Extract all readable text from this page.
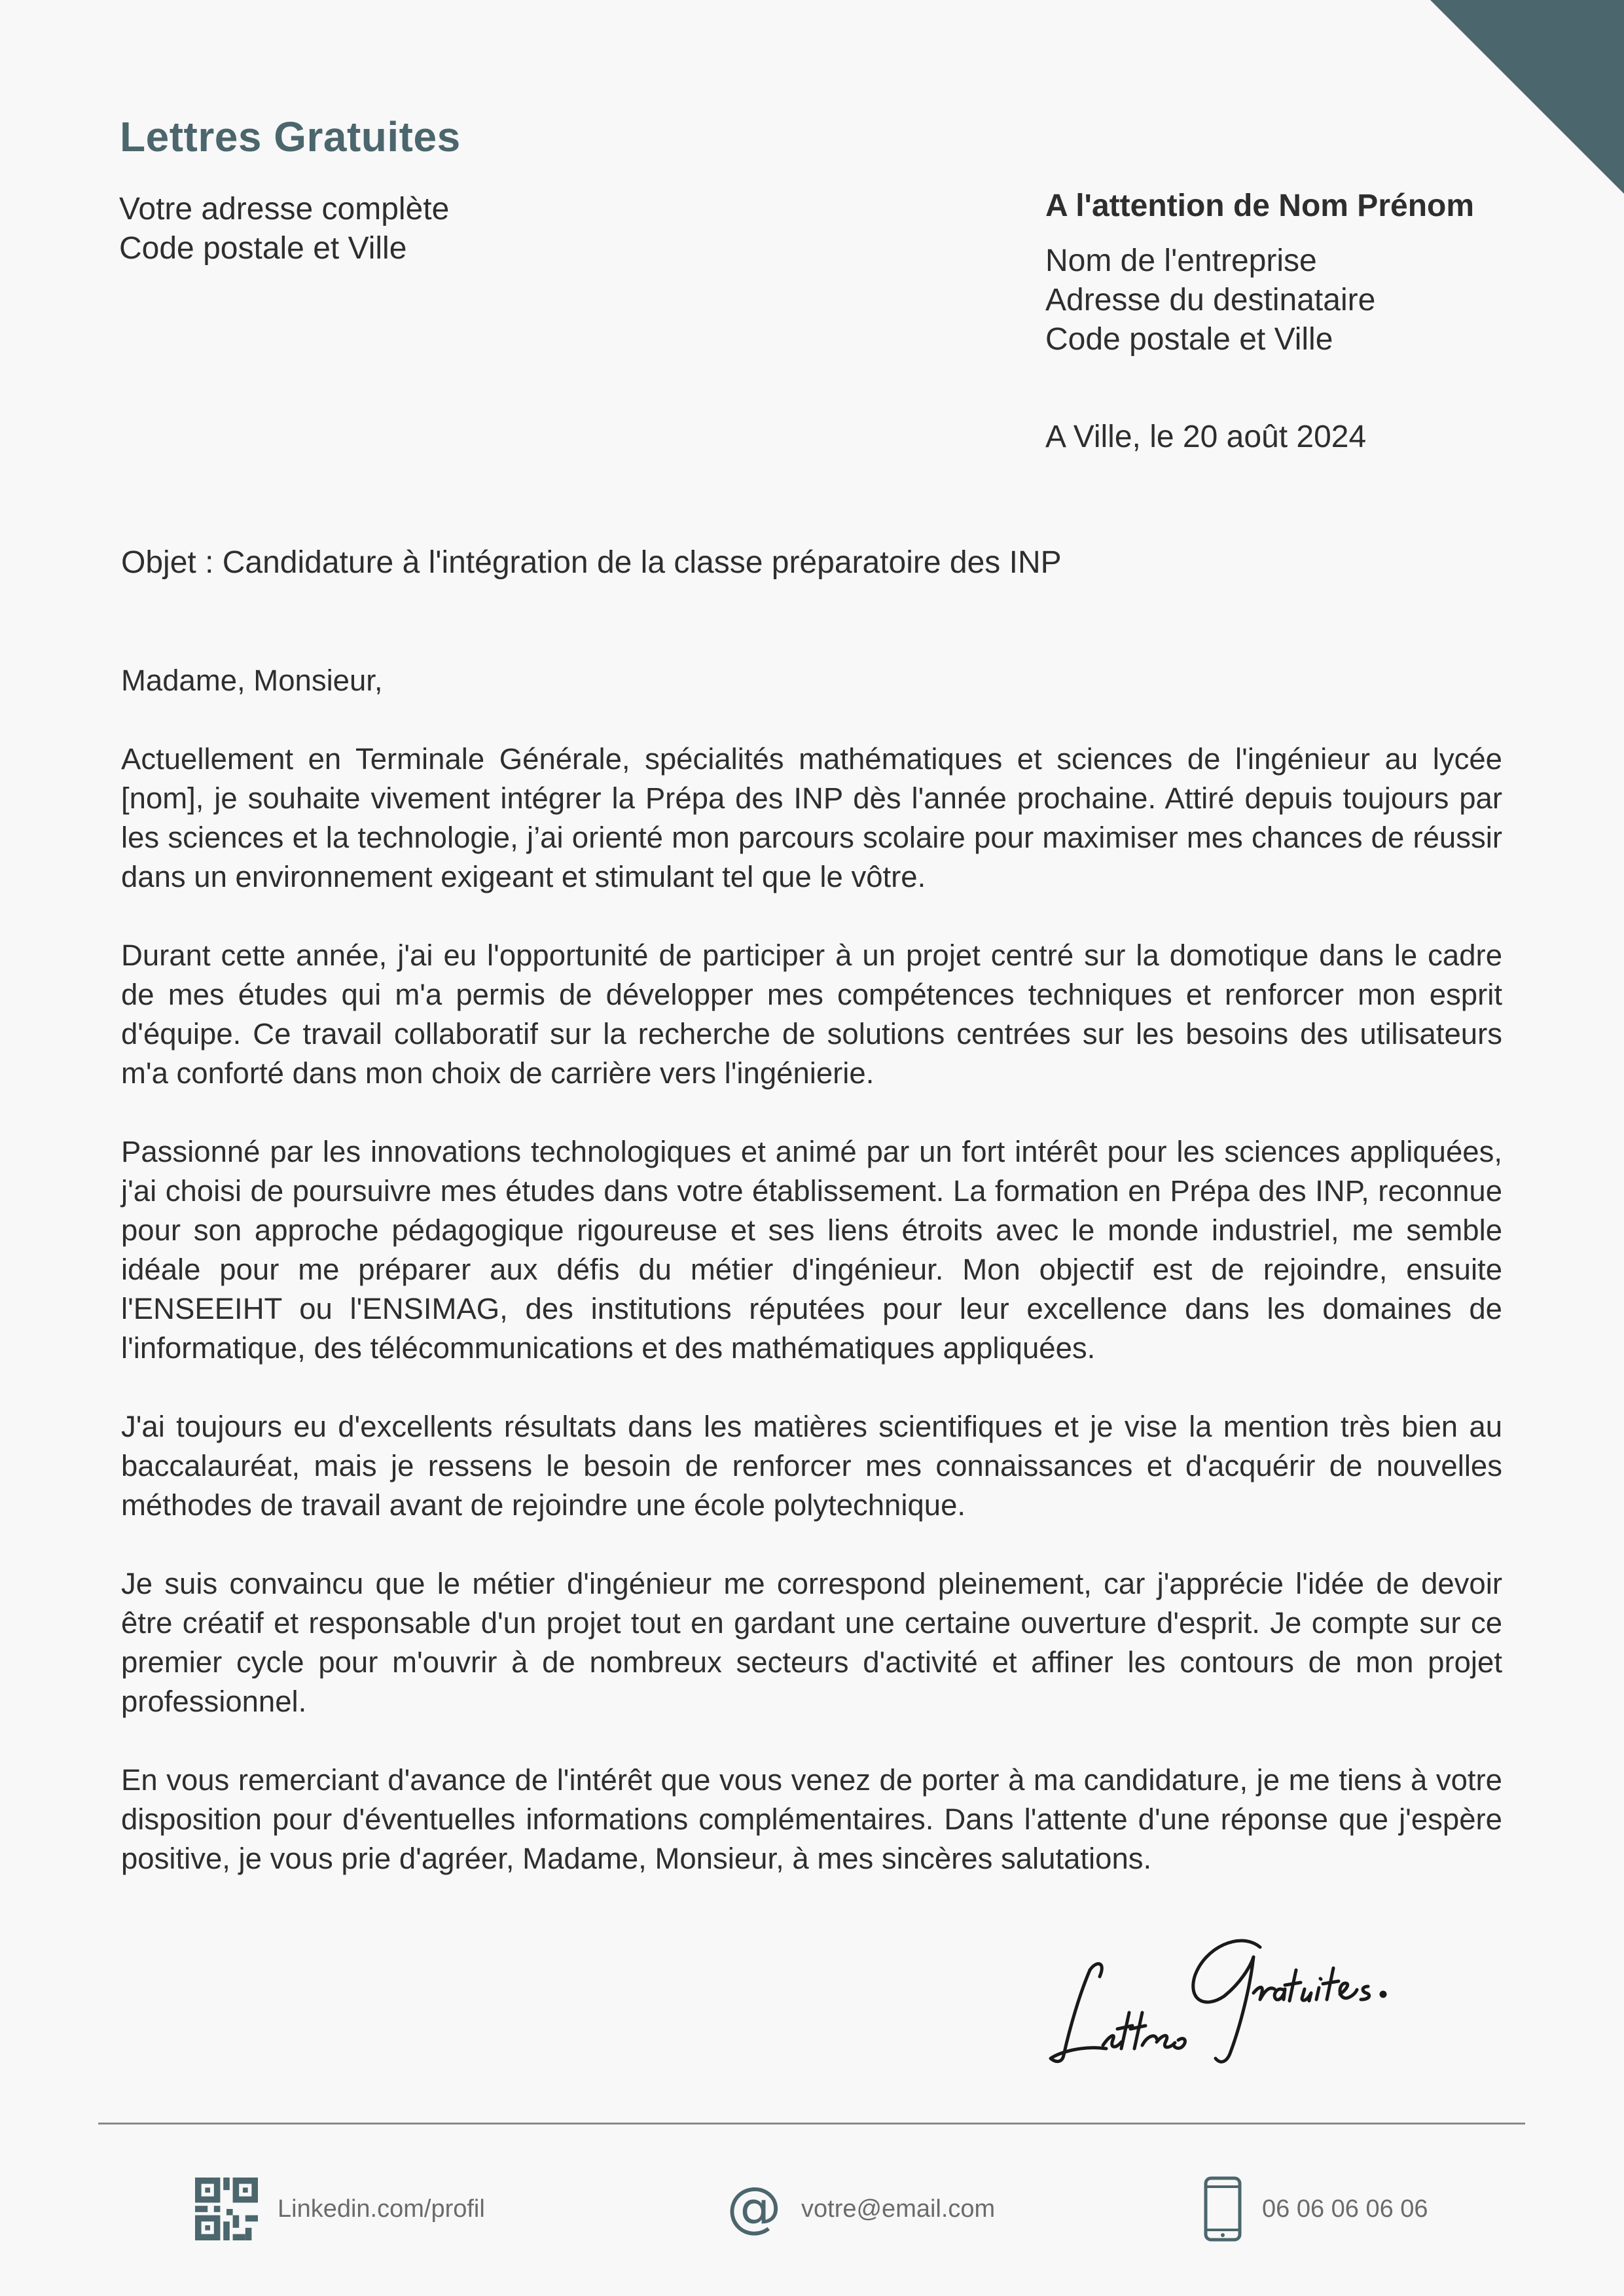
Lettres Gratuites
Votre adresse complète
Code postale et Ville
A l'attention de Nom Prénom
Nom de l'entreprise
Adresse du destinataire
Code postale et Ville
A Ville, le 20 août 2024
Objet : Candidature à l'intégration de la classe préparatoire des INP

Madame, Monsieur,

Actuellement en Terminale Générale, spécialités mathématiques et sciences de l'ingénieur au lycée [nom], je souhaite vivement intégrer la Prépa des INP dès l'année prochaine. Attiré depuis toujours par les sciences et la technologie, j’ai orienté mon parcours scolaire pour maximiser mes chances de réussir dans un environnement exigeant et stimulant tel que le vôtre.

Durant cette année, j'ai eu l'opportunité de participer à un projet centré sur la domotique dans le cadre de mes études qui m'a permis de développer mes compétences techniques et renforcer mon esprit d'équipe. Ce travail collaboratif sur la recherche de solutions centrées sur les besoins des utilisateurs m'a conforté dans mon choix de carrière vers l'ingénierie.

Passionné par les innovations technologiques et animé par un fort intérêt pour les sciences appliquées, j'ai choisi de poursuivre mes études dans votre établissement. La formation en Prépa des INP, reconnue pour son approche pédagogique rigoureuse et ses liens étroits avec le monde industriel, me semble idéale pour me préparer aux défis du métier d'ingénieur. Mon objectif est de rejoindre, ensuite l'ENSEEIHT ou l'ENSIMAG, des institutions réputées pour leur excellence dans les domaines de l'informatique, des télécommunications et des mathématiques appliquées.

J'ai toujours eu d'excellents résultats dans les matières scientifiques et je vise la mention très bien au baccalauréat, mais je ressens le besoin de renforcer mes connaissances et d'acquérir de nouvelles méthodes de travail avant de rejoindre une école polytechnique.

Je suis convaincu que le métier d'ingénieur me correspond pleinement, car j'apprécie l'idée de devoir être créatif et responsable d'un projet tout en gardant une certaine ouverture d'esprit. Je compte sur ce premier cycle pour m'ouvrir à de nombreux secteurs d'activité et affiner les contours de mon projet professionnel.

En vous remerciant d'avance de l'intérêt que vous venez de porter à ma candidature, je me tiens à votre disposition pour d'éventuelles informations complémentaires. Dans l'attente d'une réponse que j'espère positive, je vous prie d'agréer, Madame, Monsieur, à mes sincères salutations.

Linkedin.com/profil	@ votre@email.com	06 06 06 06 06
